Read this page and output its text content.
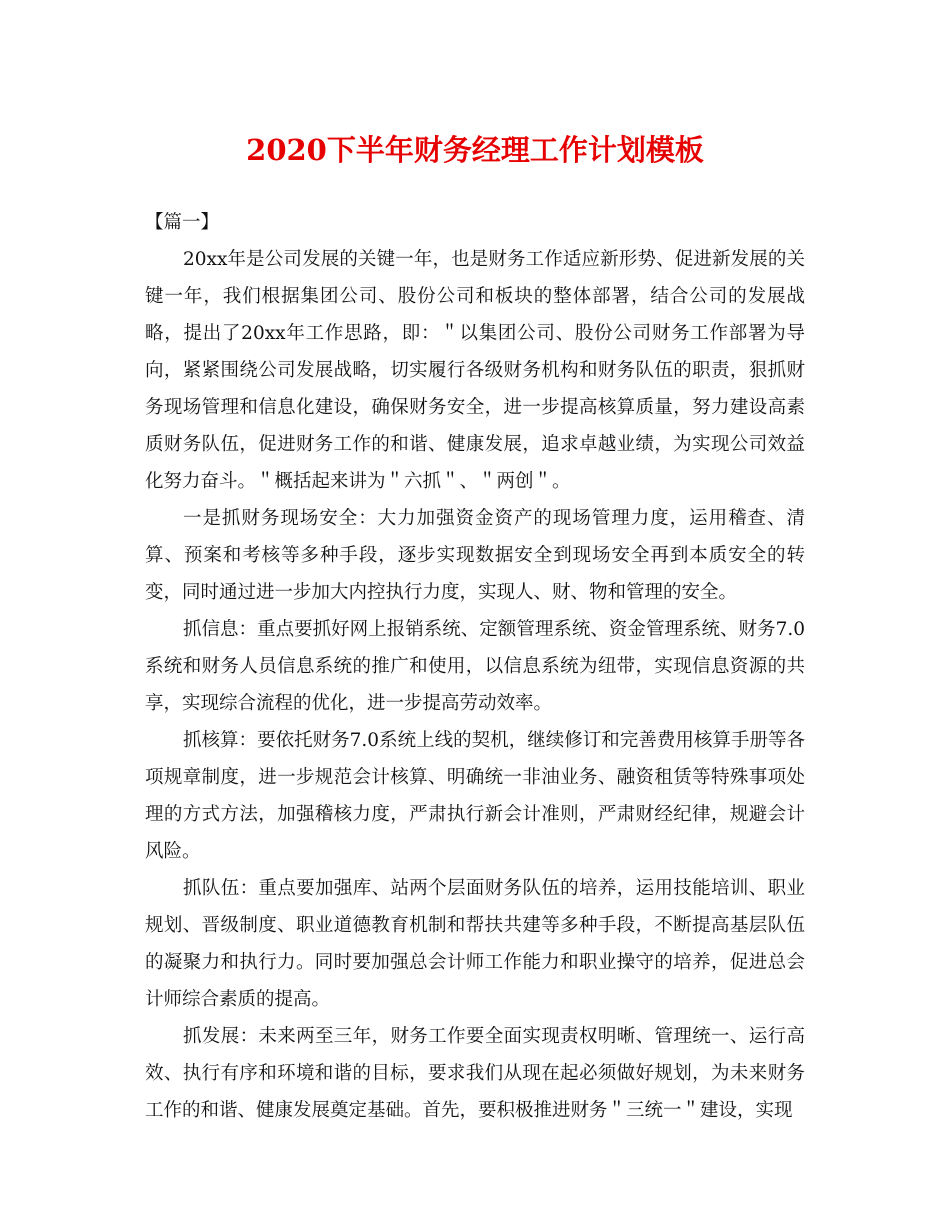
2020下半年财务经理工作计划模板

【篇一】

20xx年是公司发展的关键一年，也是财务工作适应新形势、促进新发展的关键一年，我们根据集团公司、股份公司和板块的整体部署，结合公司的发展战略，提出了20xx年工作思路，即：＂以集团公司、股份公司财务工作部署为导向，紧紧围绕公司发展战略，切实履行各级财务机构和财务队伍的职责，狠抓财务现场管理和信息化建设，确保财务安全，进一步提高核算质量，努力建设高素质财务队伍，促进财务工作的和谐、健康发展，追求卓越业绩，为实现公司效益化努力奋斗。＂概括起来讲为＂六抓＂、＂两创＂。

一是抓财务现场安全：大力加强资金资产的现场管理力度，运用稽查、清算、预案和考核等多种手段，逐步实现数据安全到现场安全再到本质安全的转变，同时通过进一步加大内控执行力度，实现人、财、物和管理的安全。

抓信息：重点要抓好网上报销系统、定额管理系统、资金管理系统、财务7.0系统和财务人员信息系统的推广和使用，以信息系统为纽带，实现信息资源的共享，实现综合流程的优化，进一步提高劳动效率。

抓核算：要依托财务7.0系统上线的契机，继续修订和完善费用核算手册等各项规章制度，进一步规范会计核算、明确统一非油业务、融资租赁等特殊事项处理的方式方法，加强稽核力度，严肃执行新会计准则，严肃财经纪律，规避会计风险。

抓队伍：重点要加强库、站两个层面财务队伍的培养，运用技能培训、职业规划、晋级制度、职业道德教育机制和帮扶共建等多种手段，不断提高基层队伍的凝聚力和执行力。同时要加强总会计师工作能力和职业操守的培养，促进总会计师综合素质的提高。

抓发展：未来两至三年，财务工作要全面实现责权明晰、管理统一、运行高效、执行有序和环境和谐的目标，要求我们从现在起必须做好规划，为未来财务工作的和谐、健康发展奠定基础。首先，要积极推进财务＂三统一＂建设，实现
